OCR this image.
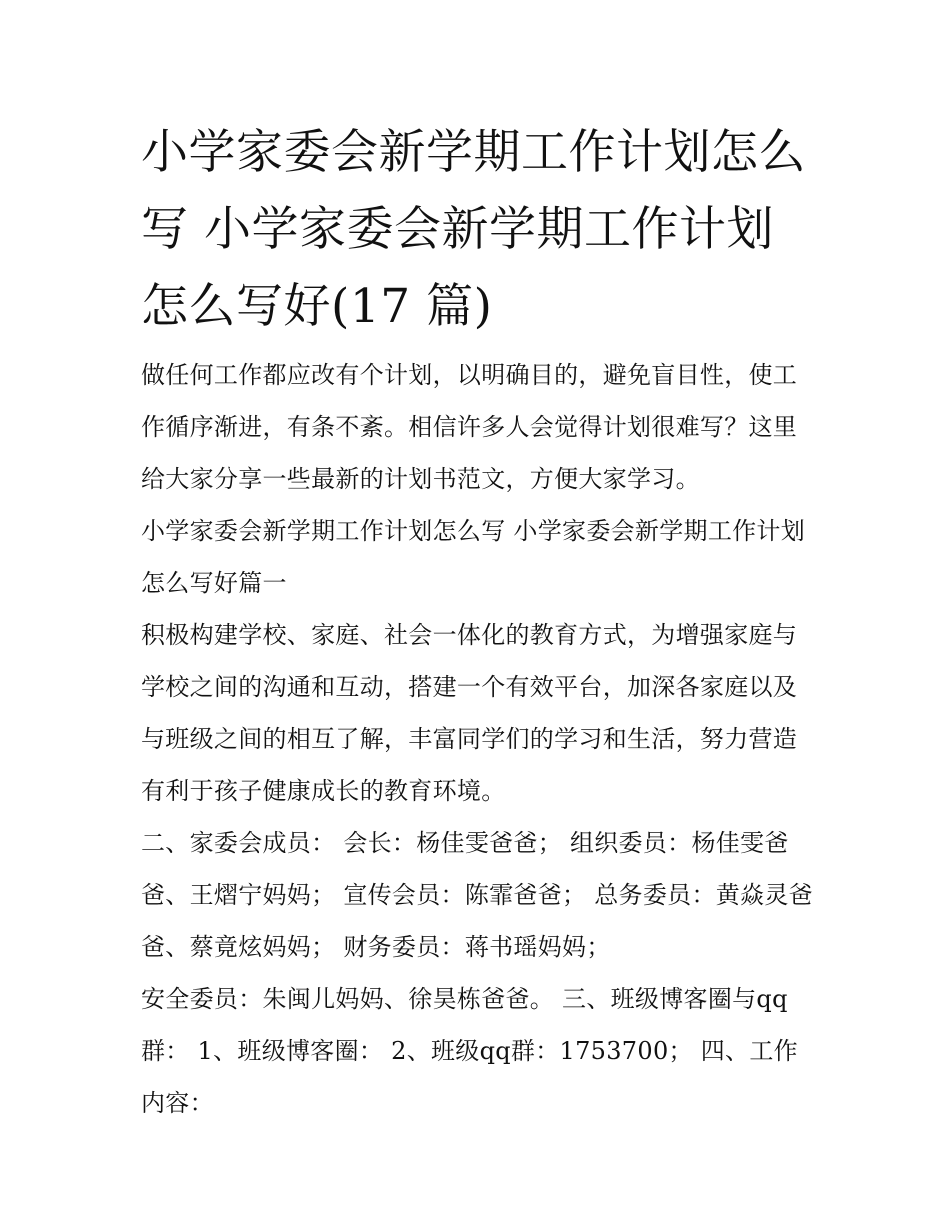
小学家委会新学期工作计划怎么写 小学家委会新学期工作计划怎么写好(17 篇)

做任何工作都应改有个计划，以明确目的，避免盲目性，使工作循序渐进，有条不紊。相信许多人会觉得计划很难写？这里给大家分享一些最新的计划书范文，方便大家学习。

小学家委会新学期工作计划怎么写 小学家委会新学期工作计划怎么写好篇一

积极构建学校、家庭、社会一体化的教育方式，为增强家庭与学校之间的沟通和互动，搭建一个有效平台，加深各家庭以及与班级之间的相互了解，丰富同学们的学习和生活，努力营造有利于孩子健康成长的教育环境。

二、家委会成员： 会长：杨佳雯爸爸； 组织委员：杨佳雯爸爸、王熠宁妈妈； 宣传会员：陈霏爸爸； 总务委员：黄焱灵爸爸、蔡竟炫妈妈； 财务委员：蒋书瑶妈妈；

安全委员：朱闽儿妈妈、徐昊栋爸爸。 三、班级博客圈与qq群： 1、班级博客圈： 2、班级qq群：1753700； 四、工作内容：
